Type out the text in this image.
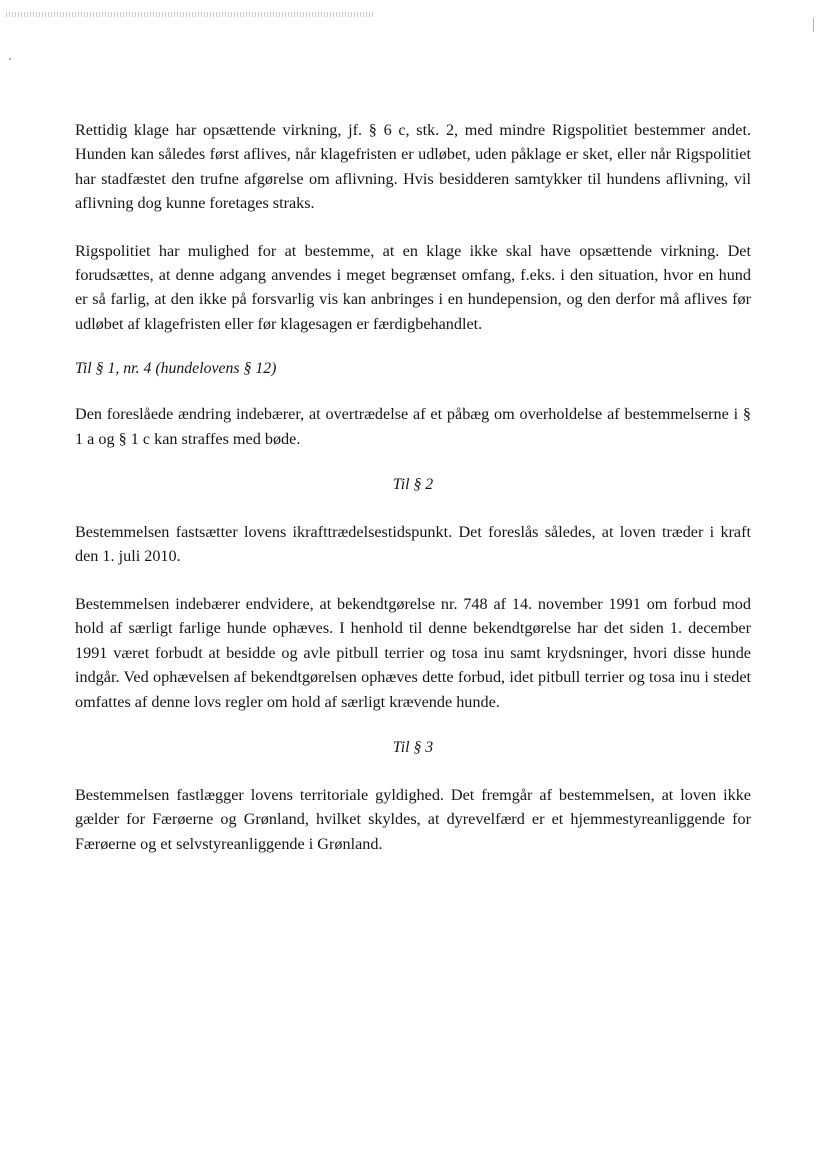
Rettidig klage har opsættende virkning, jf. § 6 c, stk. 2, med mindre Rigspolitiet bestemmer andet. Hunden kan således først aflives, når klagefristen er udløbet, uden påklage er sket, eller når Rigspolitiet har stadfæstet den trufne afgørelse om aflivning. Hvis besidderen samtykker til hundens aflivning, vil aflivning dog kunne foretages straks.

Rigspolitiet har mulighed for at bestemme, at en klage ikke skal have opsættende virkning. Det forudsættes, at denne adgang anvendes i meget begrænset omfang, f.eks. i den situation, hvor en hund er så farlig, at den ikke på forsvarlig vis kan anbringes i en hundepension, og den derfor må aflives før udløbet af klagefristen eller før klagesagen er færdigbehandlet.

Til § 1, nr. 4 (hundelovens § 12)

Den foreslåede ændring indebærer, at overtrædelse af et påbæg om overholdelse af bestemmelserne i § 1 a og § 1 c kan straffes med bøde.

Til § 2

Bestemmelsen fastsætter lovens ikrafttrædelsestidspunkt. Det foreslås således, at loven træder i kraft den 1. juli 2010.

Bestemmelsen indebærer endvidere, at bekendtgørelse nr. 748 af 14. november 1991 om forbud mod hold af særligt farlige hunde ophæves. I henhold til denne bekendtgørelse har det siden 1. december 1991 været forbudt at besidde og avle pitbull terrier og tosa inu samt krydsninger, hvori disse hunde indgår. Ved ophævelsen af bekendtgørelsen ophæves dette forbud, idet pitbull terrier og tosa inu i stedet omfattes af denne lovs regler om hold af særligt krævende hunde.

Til § 3

Bestemmelsen fastlægger lovens territoriale gyldighed. Det fremgår af bestemmelsen, at loven ikke gælder for Færøerne og Grønland, hvilket skyldes, at dyrevelfærd er et hjemmestyreanliggende for Færøerne og et selvstyreanliggende i Grønland.
